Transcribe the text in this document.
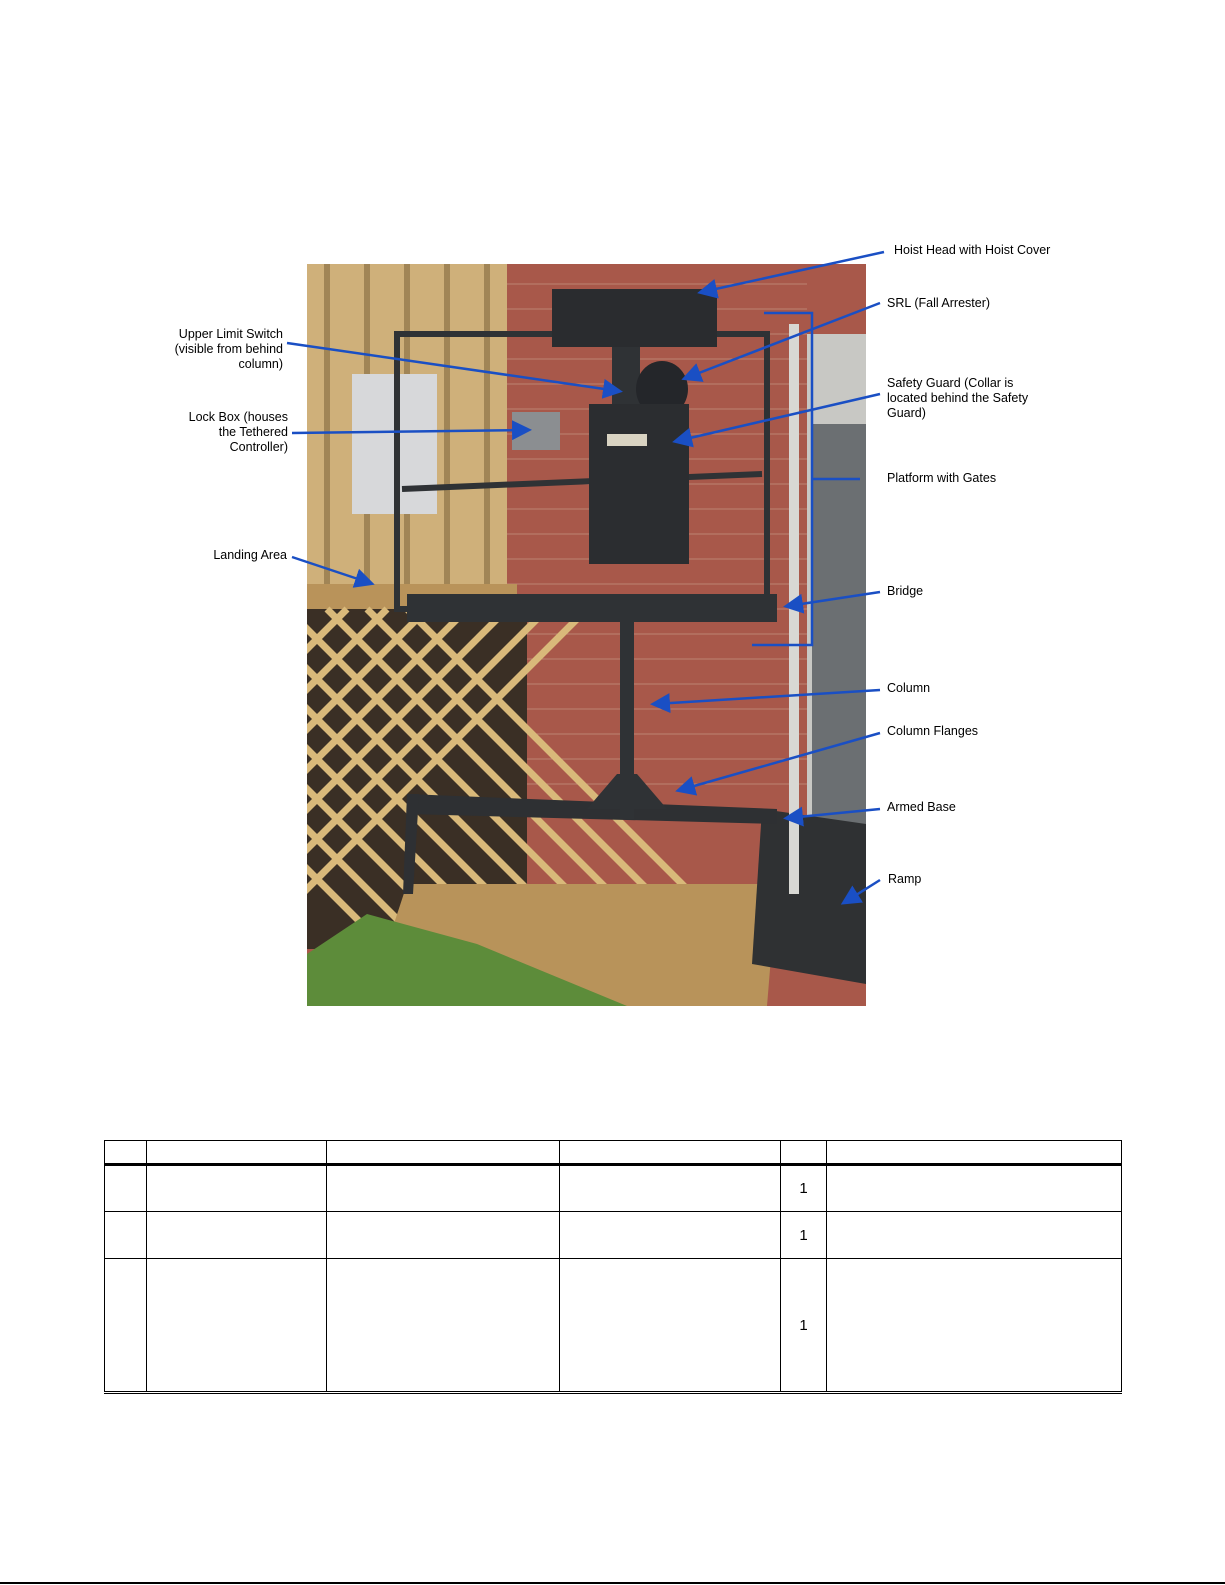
Hoist Head with Hoist Cover
SRL (Fall Arrester)
Upper Limit Switch
(visible from behind
column)
Lock Box (houses
the Tethered
Controller)
Safety Guard (Collar is
located behind the Safety
Guard)
Platform with Gates
Landing Area
Bridge
Column
Column Flanges
Armed Base
Ramp

				1	
				1	
				1	
